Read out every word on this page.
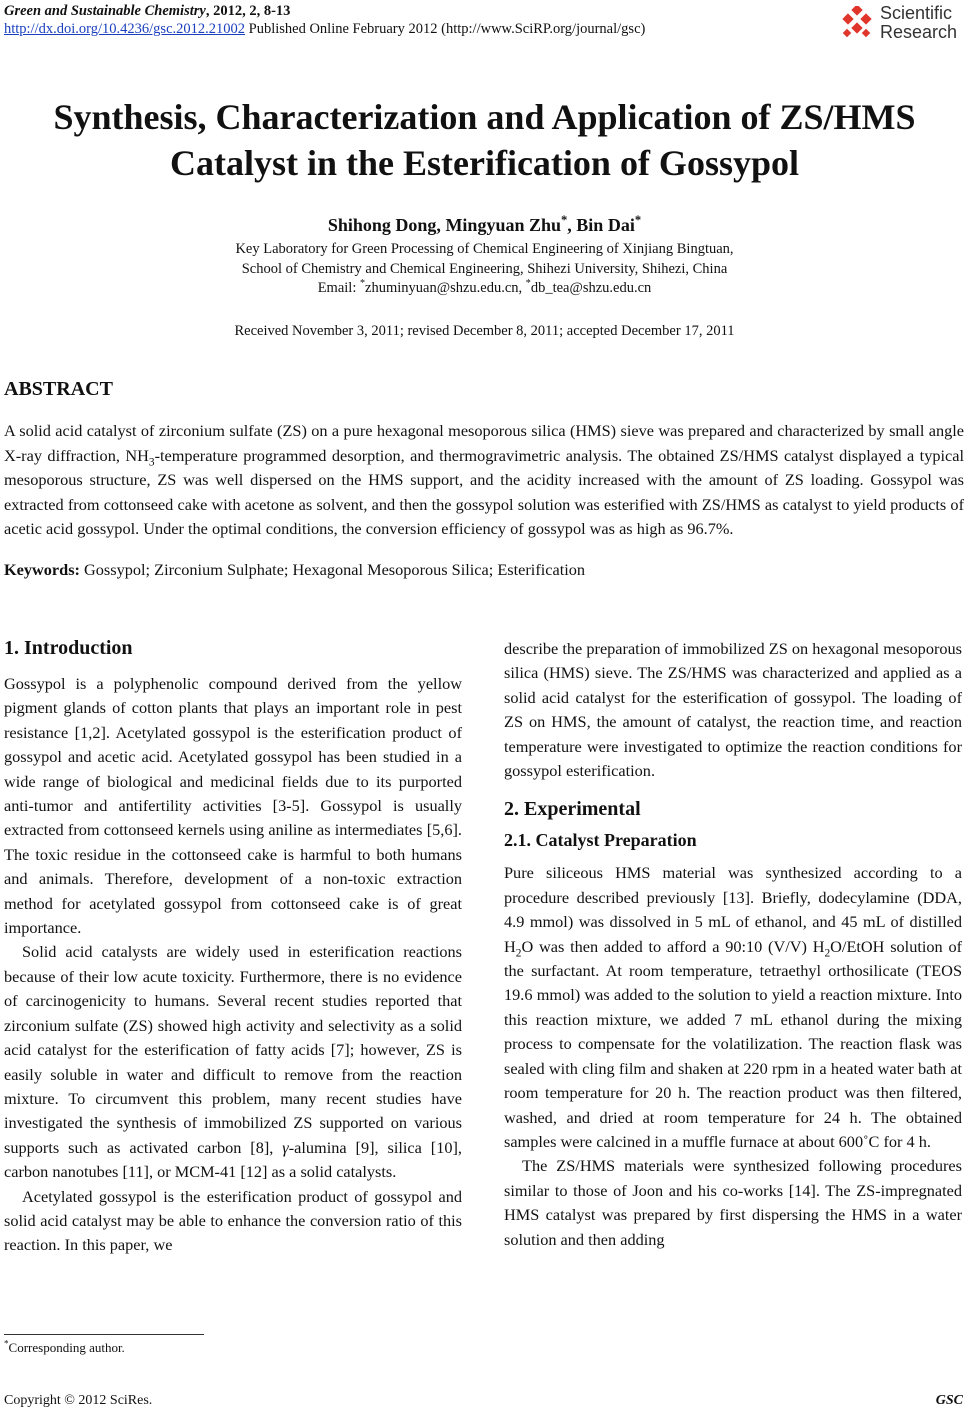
Green and Sustainable Chemistry, 2012, 2, 8-13
http://dx.doi.org/10.4236/gsc.2012.21002 Published Online February 2012 (http://www.SciRP.org/journal/gsc)
Scientific
Research
Synthesis, Characterization and Application of ZS/HMS
Catalyst in the Esterification of Gossypol
Shihong Dong, Mingyuan Zhu*, Bin Dai*
Key Laboratory for Green Processing of Chemical Engineering of Xinjiang Bingtuan,
School of Chemistry and Chemical Engineering, Shihezi University, Shihezi, China
Email: *zhuminyuan@shzu.edu.cn, *db_tea@shzu.edu.cn
Received November 3, 2011; revised December 8, 2011; accepted December 17, 2011
ABSTRACT
A solid acid catalyst of zirconium sulfate (ZS) on a pure hexagonal mesoporous silica (HMS) sieve was prepared and characterized by small angle X-ray diffraction, $NH_3$-temperature programmed desorption, and thermogravimetric analysis. The obtained ZS/HMS catalyst displayed a typical mesoporous structure, ZS was well dispersed on the HMS support, and the acidity increased with the amount of ZS loading. Gossypol was extracted from cottonseed cake with acetone as solvent, and then the gossypol solution was esterified with ZS/HMS as catalyst to yield products of acetic acid gossypol. Under the optimal conditions, the conversion efficiency of gossypol was as high as 96.7%.
Keywords: Gossypol; Zirconium Sulphate; Hexagonal Mesoporous Silica; Esterification
1. Introduction

Gossypol is a polyphenolic compound derived from the yellow pigment glands of cotton plants that plays an important role in pest resistance [1,2]. Acetylated gossypol is the esterification product of gossypol and acetic acid. Acetylated gossypol has been studied in a wide range of biological and medicinal fields due to its purported anti-tumor and antifertility activities [3-5]. Gossypol is usually extracted from cottonseed kernels using aniline as intermediates [5,6]. The toxic residue in the cottonseed cake is harmful to both humans and animals. Therefore, development of a non-toxic extraction method for acetylated gossypol from cottonseed cake is of great importance.

Solid acid catalysts are widely used in esterification reactions because of their low acute toxicity. Furthermore, there is no evidence of carcinogenicity to humans. Several recent studies reported that zirconium sulfate (ZS) showed high activity and selectivity as a solid acid catalyst for the esterification of fatty acids [7]; however, ZS is easily soluble in water and difficult to remove from the reaction mixture. To circumvent this problem, many recent studies have investigated the synthesis of immobilized ZS supported on various supports such as activated carbon [8], γ-alumina [9], silica [10], carbon nanotubes [11], or MCM-41 [12] as a solid catalysts.

Acetylated gossypol is the esterification product of gossypol and solid acid catalyst may be able to enhance the conversion ratio of this reaction. In this paper, we

describe the preparation of immobilized ZS on hexagonal mesoporous silica (HMS) sieve. The ZS/HMS was characterized and applied as a solid acid catalyst for the esterification of gossypol. The loading of ZS on HMS, the amount of catalyst, the reaction time, and reaction temperature were investigated to optimize the reaction conditions for gossypol esterification.

2. Experimental
2.1. Catalyst Preparation

Pure siliceous HMS material was synthesized according to a procedure described previously [13]. Briefly, dodecylamine (DDA, 4.9 mmol) was dissolved in 5 mL of ethanol, and 45 mL of distilled $H_2O$ was then added to afford a 90:10 (V/V) $H_2O$/EtOH solution of the surfactant. At room temperature, tetraethyl orthosilicate (TEOS 19.6 mmol) was added to the solution to yield a reaction mixture. Into this reaction mixture, we added 7 mL ethanol during the mixing process to compensate for the volatilization. The reaction flask was sealed with cling film and shaken at 220 rpm in a heated water bath at room temperature for 20 h. The reaction product was then filtered, washed, and dried at room temperature for 24 h. The obtained samples were calcined in a muffle furnace at about 600˚C for 4 h.

The ZS/HMS materials were synthesized following procedures similar to those of Joon and his co-works [14]. The ZS-impregnated HMS catalyst was prepared by first dispersing the HMS in a water solution and then adding

*Corresponding author.
Copyright © 2012 SciRes.	GSC
